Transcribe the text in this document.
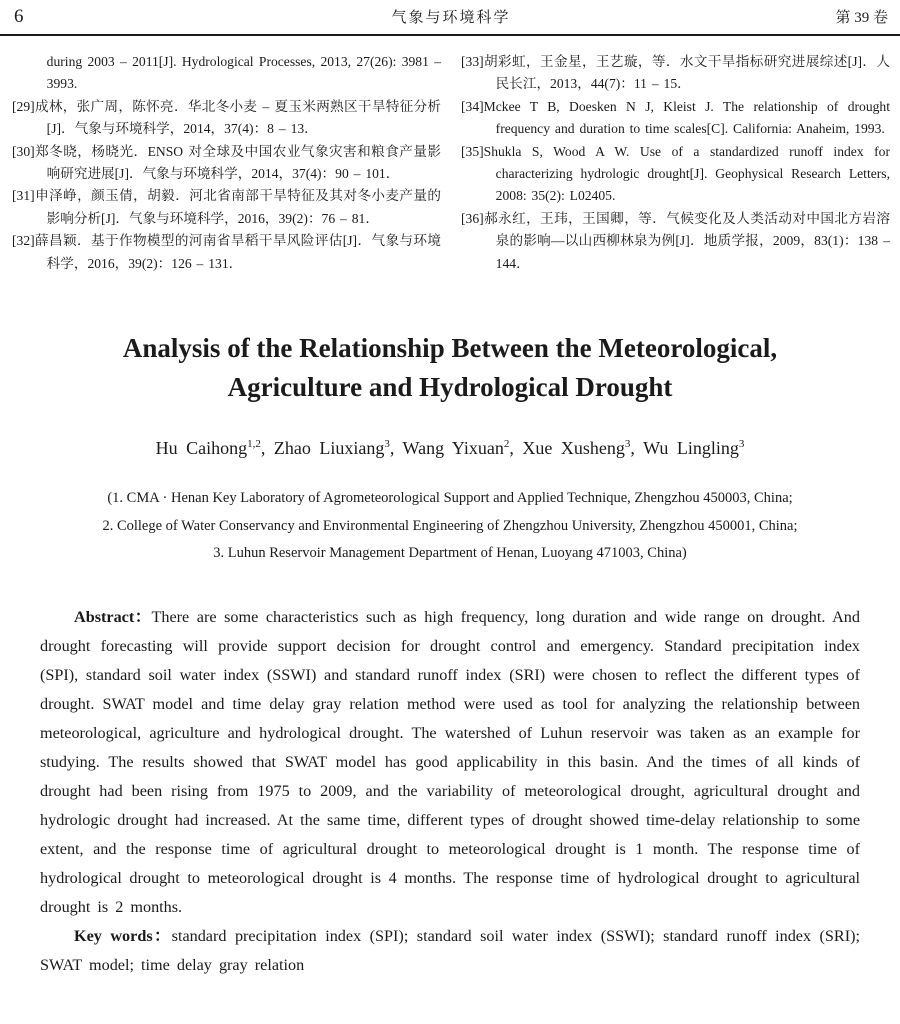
6	气象与环境科学	第 39 卷

during 2003 – 2011[J]. Hydrological Processes, 2013, 27(26): 3981 – 3993.

[29]成林，张广周，陈怀亮．华北冬小麦 – 夏玉米两熟区干旱特征分析[J]．气象与环境科学，2014，37(4)：8 – 13．

[30]郑冬晓，杨晓光．ENSO 对全球及中国农业气象灾害和粮食产量影响研究进展[J]．气象与环境科学，2014，37(4)：90 – 101．

[31]申泽峥，颜玉倩，胡毅．河北省南部干旱特征及其对冬小麦产量的影响分析[J]．气象与环境科学，2016，39(2)：76 – 81．

[32]薛昌颖．基于作物模型的河南省旱稻干旱风险评估[J]．气象与环境科学，2016，39(2)：126 – 131．

[33]胡彩虹，王金星，王艺璇，等．水文干旱指标研究进展综述[J]．人民长江，2013，44(7)：11 – 15．

[34]Mckee T B, Doesken N J, Kleist J. The relationship of drought frequency and duration to time scales[C]. California: Anaheim, 1993.

[35]Shukla S, Wood A W. Use of a standardized runoff index for characterizing hydrologic drought[J]. Geophysical Research Letters, 2008: 35(2): L02405.

[36]郝永红，王玮，王国卿，等．气候变化及人类活动对中国北方岩溶泉的影响—以山西柳林泉为例[J]．地质学报，2009，83(1)：138 – 144．

Analysis of the Relationship Between the Meteorological,
Agriculture and Hydrological Drought

Hu Caihong$^{1,2}$, Zhao Liuxiang$^3$, Wang Yixuan$^2$, Xue Xusheng$^3$, Wu Lingling$^3$

(1. CMA · Henan Key Laboratory of Agrometeorological Support and Applied Technique, Zhengzhou 450003, China;

2. College of Water Conservancy and Environmental Engineering of Zhengzhou University, Zhengzhou 450001, China;

3. Luhun Reservoir Management Department of Henan, Luoyang 471003, China)

Abstract：There are some characteristics such as high frequency, long duration and wide range on drought. And drought forecasting will provide support decision for drought control and emergency. Standard precipitation index (SPI), standard soil water index (SSWI) and standard runoff index (SRI) were chosen to reflect the different types of drought. SWAT model and time delay gray relation method were used as tool for analyzing the relationship between meteorological, agriculture and hydrological drought. The watershed of Luhun reservoir was taken as an example for studying. The results showed that SWAT model has good applicability in this basin. And the times of all kinds of drought had been rising from 1975 to 2009, and the variability of meteorological drought, agricultural drought and hydrologic drought had increased. At the same time, different types of drought showed time-delay relationship to some extent, and the response time of agricultural drought to meteorological drought is 1 month. The response time of hydrological drought to meteorological drought is 4 months. The response time of hydrological drought to agricultural drought is 2 months.

Key words：standard precipitation index (SPI); standard soil water index (SSWI); standard runoff index (SRI); SWAT model; time delay gray relation
